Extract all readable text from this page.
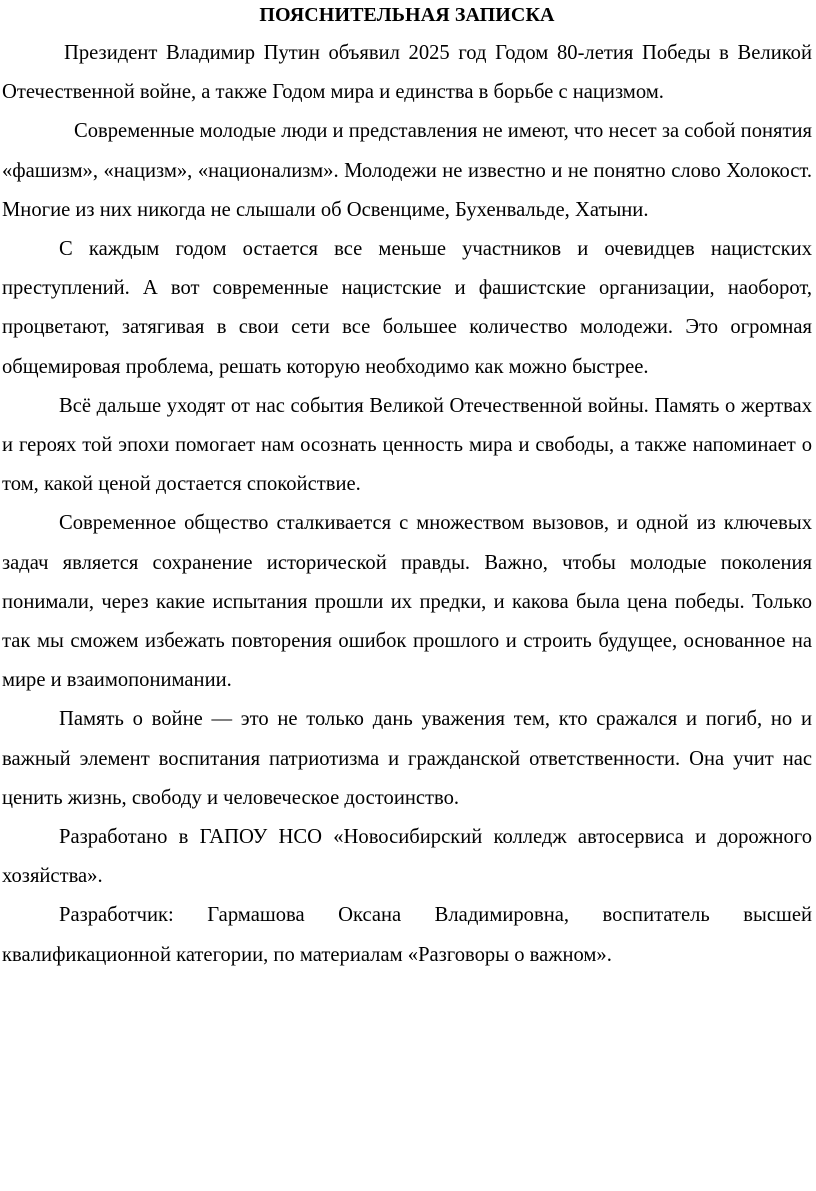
ПОЯСНИТЕЛЬНАЯ ЗАПИСКА

Президент Владимир Путин объявил 2025 год Годом 80-летия Победы в Великой Отечественной войне, а также Годом мира и единства в борьбе с нацизмом.

Современные молодые люди и представления не имеют, что несет за собой понятия «фашизм», «нацизм», «национализм». Молодежи не известно и не понятно слово Холокост. Многие из них никогда не слышали об Освенциме, Бухенвальде, Хатыни.

С каждым годом остается все меньше участников и очевидцев нацистских преступлений. А вот современные нацистские и фашистские организации, наоборот, процветают, затягивая в свои сети все большее количество молодежи. Это огромная общемировая проблема, решать которую необходимо как можно быстрее.

Всё дальше уходят от нас события Великой Отечественной войны. Память о жертвах и героях той эпохи помогает нам осознать ценность мира и свободы, а также напоминает о том, какой ценой достается спокойствие.

Современное общество сталкивается с множеством вызовов, и одной из ключевых задач является сохранение исторической правды. Важно, чтобы молодые поколения понимали, через какие испытания прошли их предки, и какова была цена победы. Только так мы сможем избежать повторения ошибок прошлого и строить будущее, основанное на мире и взаимопонимании.

Память о войне — это не только дань уважения тем, кто сражался и погиб, но и важный элемент воспитания патриотизма и гражданской ответственности. Она учит нас ценить жизнь, свободу и человеческое достоинство.

Разработано в ГАПОУ НСО «Новосибирский колледж автосервиса и дорожного хозяйства».

Разработчик: Гармашова Оксана Владимировна, воспитатель высшей квалификационной категории, по материалам «Разговоры о важном».
